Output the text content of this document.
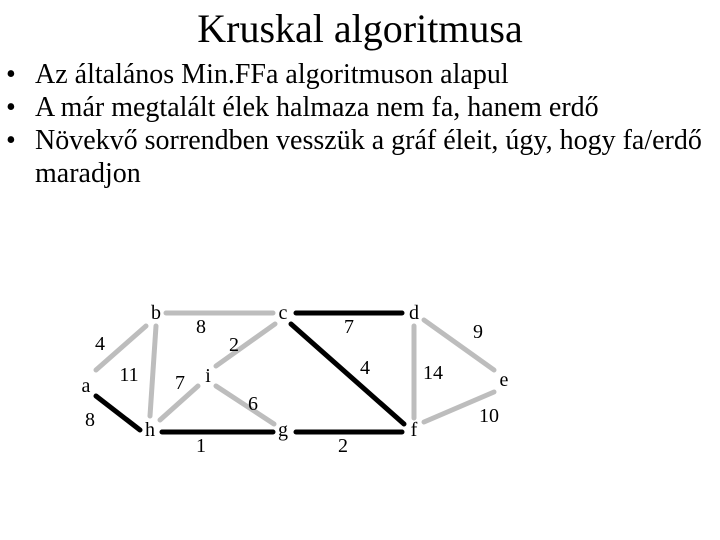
Kruskal algoritmusa
•
Az általános Min.FFa algoritmuson alapul
•
A már megtalált élek halmaza nem fa, hanem erdő
•
Növekvő sorrendben vesszük a gráf éleit, úgy, hogy fa/erdő maradjon
4
8
11
8
2
7
4
7
1
6
2
14
9
10
a
b	c	d
e
f
g
h
i
